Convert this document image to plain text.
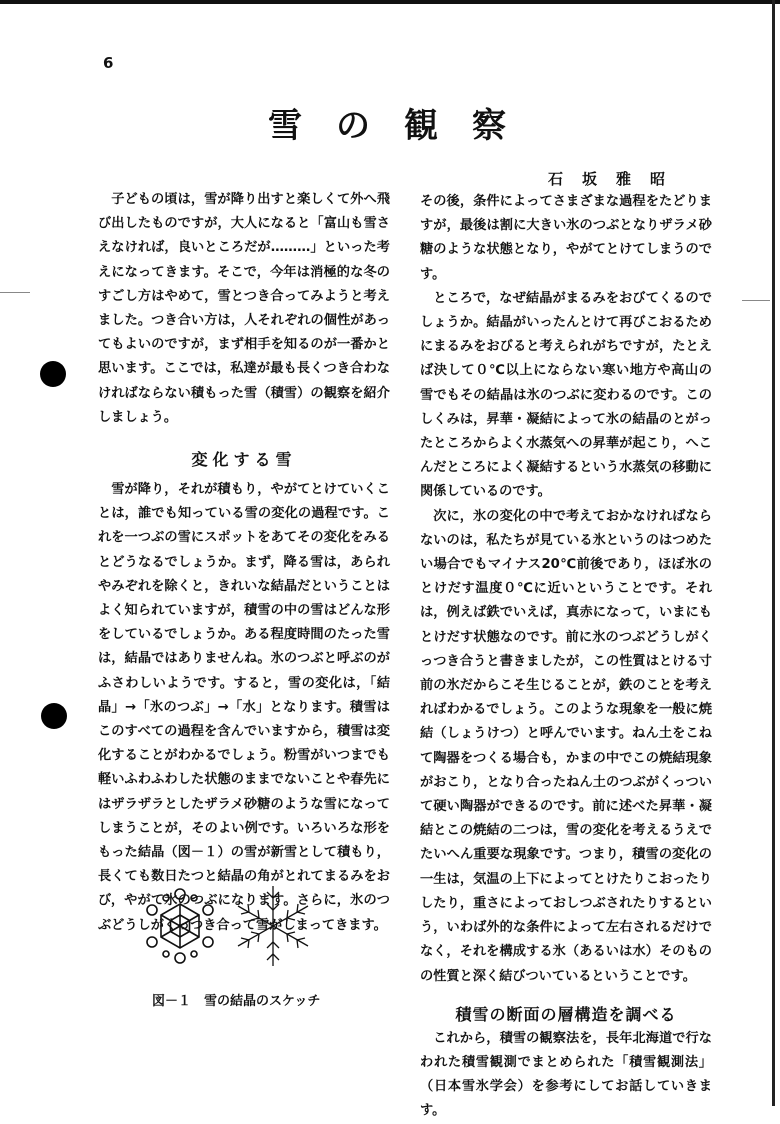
6
雪の観察
石坂雅昭

子どもの頃は，雪が降り出すと楽しくて外へ飛び出したものですが，大人になると「富山も雪さえなければ，良いところだが………」といった考えになってきます。そこで，今年は消極的な冬のすごし方はやめて，雪とつき合ってみようと考えました。つき合い方は，人それぞれの個性があってもよいのですが，まず相手を知るのが一番かと思います。ここでは，私達が最も長くつき合わなければならない積もった雪（積雪）の観察を紹介しましょう。

変化する雪

雪が降り，それが積もり，やがてとけていくことは，誰でも知っている雪の変化の過程です。これを一つぶの雪にスポットをあてその変化をみるとどうなるでしょうか。まず，降る雪は，あられやみぞれを除くと，きれいな結晶だということはよく知られていますが，積雪の中の雪はどんな形をしているでしょうか。ある程度時間のたった雪は，結晶ではありませんね。氷のつぶと呼ぶのがふさわしいようです。すると，雪の変化は，「結晶」→「氷のつぶ」→「水」となります。積雪はこのすべての過程を含んでいますから，積雪は変化することがわかるでしょう。粉雪がいつまでも軽いふわふわした状態のままでないことや春先にはザラザラとしたザラメ砂糖のような雪になってしまうことが，そのよい例です。いろいろな形をもった結晶（図－１）の雪が新雪として積もり，長くても数日たつと結晶の角がとれてまるみをおび，やがて氷のつぶになります。さらに，氷のつぶどうしがくっつき合って雪がしまってきます。

図－１　雪の結晶のスケッチ

その後，条件によってさまざまな過程をたどりますが，最後は割に大きい氷のつぶとなりザラメ砂糖のような状態となり，やがてとけてしまうのです。

ところで，なぜ結晶がまるみをおびてくるのでしょうか。結晶がいったんとけて再びこおるためにまるみをおびると考えられがちですが，たとえば決して０℃以上にならない寒い地方や高山の雪でもその結晶は氷のつぶに変わるのです。このしくみは，昇華・凝結によって氷の結晶のとがったところからよく水蒸気への昇華が起こり，へこんだところによく凝結するという水蒸気の移動に関係しているのです。

次に，氷の変化の中で考えておかなければならないのは，私たちが見ている氷というのはつめたい場合でもマイナス20℃前後であり，ほぼ氷のとけだす温度０℃に近いということです。それは，例えば鉄でいえば，真赤になって，いまにもとけだす状態なのです。前に氷のつぶどうしがくっつき合うと書きましたが，この性質はとける寸前の氷だからこそ生じることが，鉄のことを考えればわかるでしょう。このような現象を一般に焼結（しょうけつ）と呼んでいます。ねん土をこねて陶器をつくる場合も，かまの中でこの焼結現象がおこり，となり合ったねん土のつぶがくっついて硬い陶器ができるのです。前に述べた昇華・凝結とこの焼結の二つは，雪の変化を考えるうえでたいへん重要な現象です。つまり，積雪の変化の一生は，気温の上下によってとけたりこおったりしたり，重さによっておしつぶされたりするという，いわば外的な条件によって左右されるだけでなく，それを構成する氷（あるいは水）そのものの性質と深く結びついているということです。

積雪の断面の層構造を調べる

これから，積雪の観察法を，長年北海道で行なわれた積雪観測でまとめられた「積雪観測法」（日本雪氷学会）を参考にしてお話していきます。
